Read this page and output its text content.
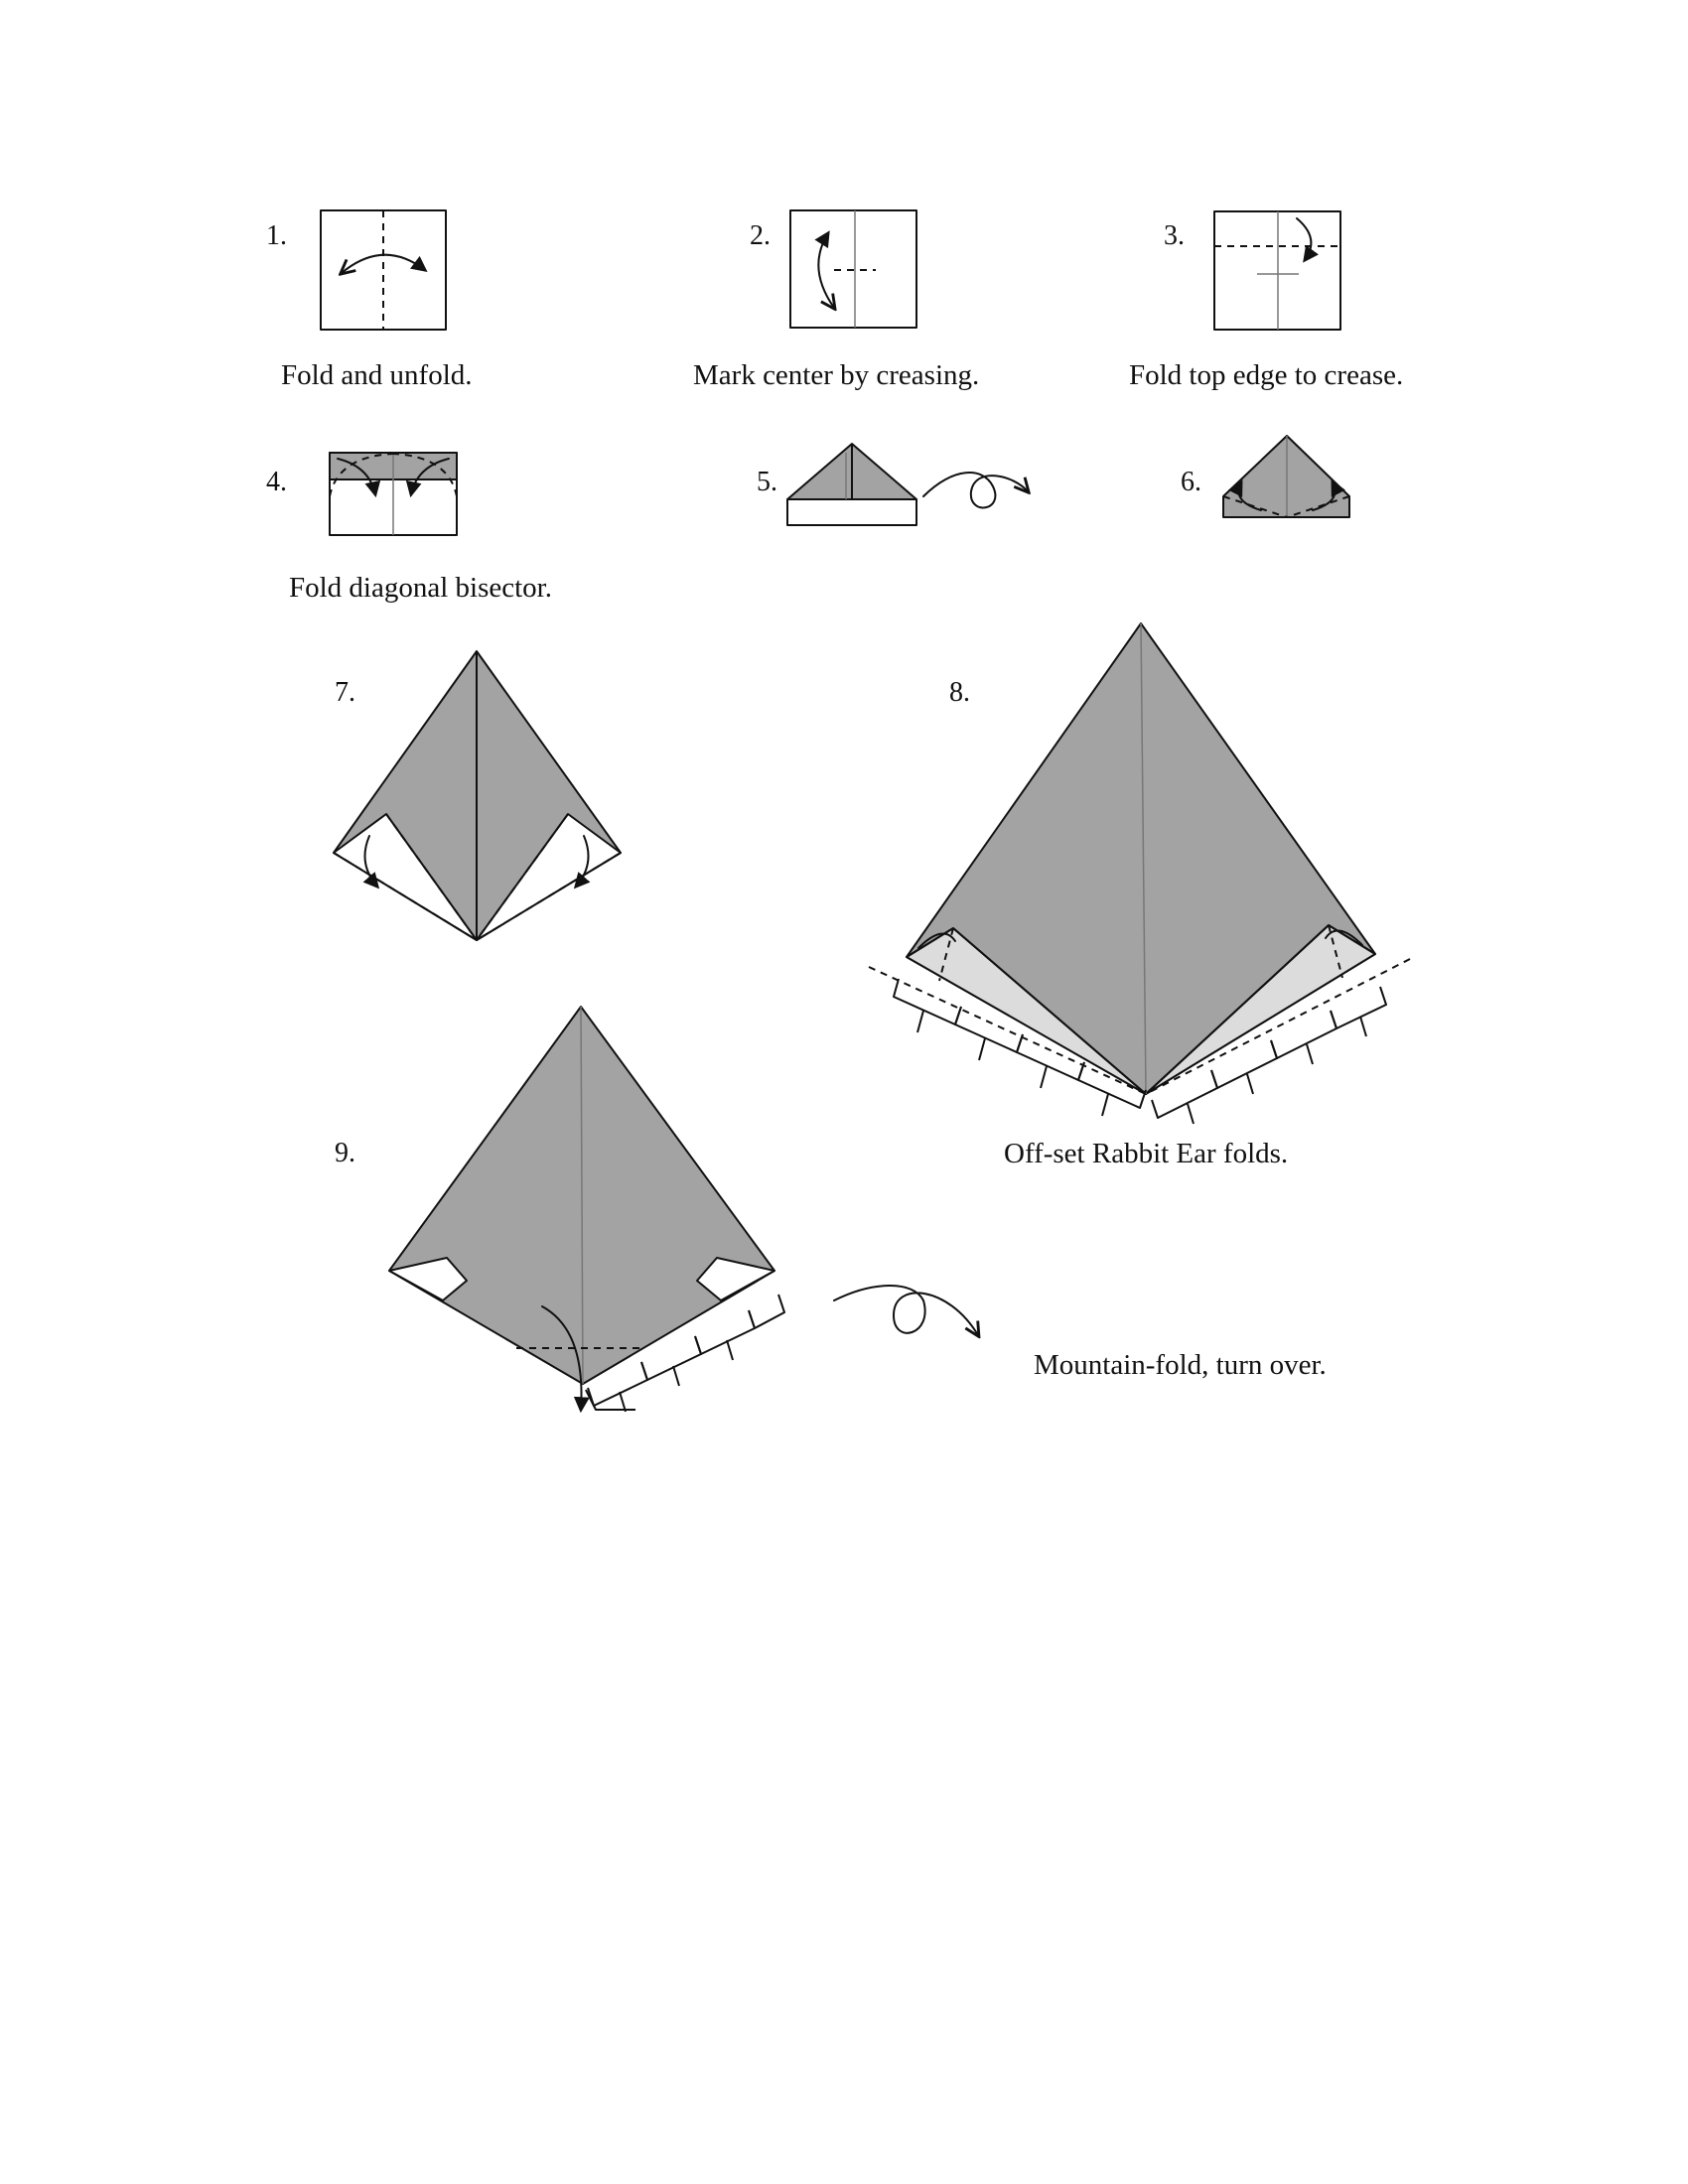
1.	2.	3.
4.	5.	6.
7.	8.
9.
Fold and unfold.	Mark center by creasing.	Fold top edge to crease.
Fold diagonal bisector.
Off-set Rabbit Ear folds.
Mountain-fold, turn over.
